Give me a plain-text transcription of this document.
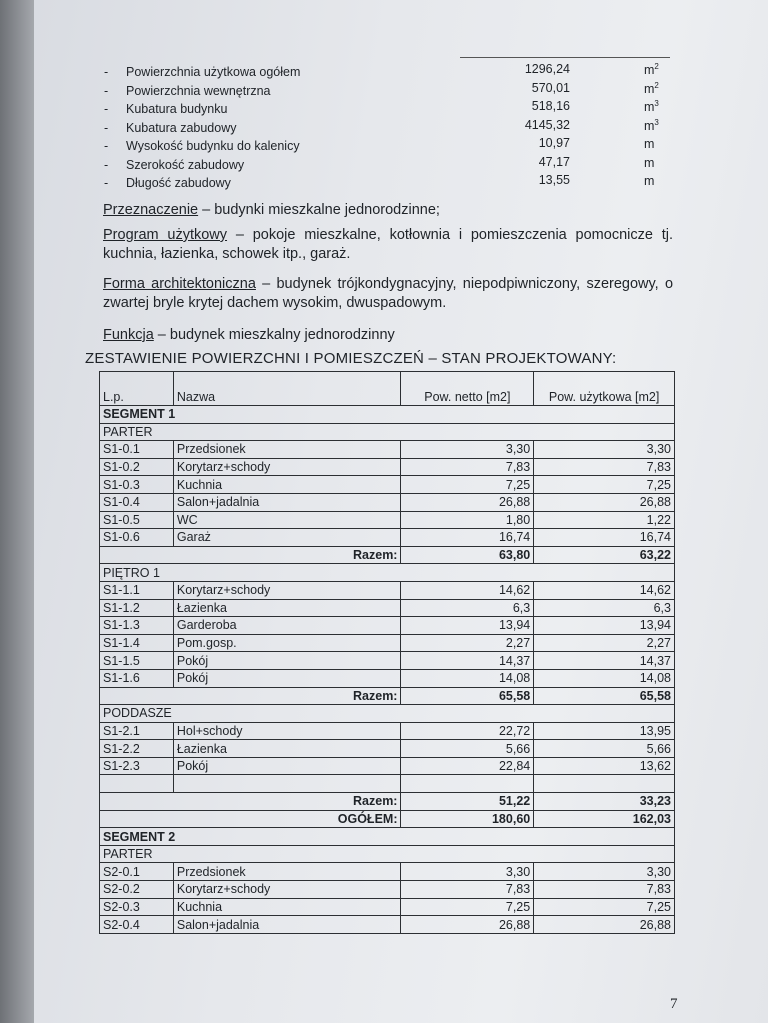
- Powierzchnia użytkowa ogółem	1296,24	$m^2$
- Powierzchnia wewnętrzna	570,01	$m^2$
- Kubatura budynku	518,16	$m^3$
- Kubatura zabudowy	4145,32	$m^3$
- Wysokość budynku do kalenicy	10,97	m
- Szerokość zabudowy	47,17	m
- Długość zabudowy	13,55	m
Przeznaczenie – budynki mieszkalne jednorodzinne;
Program użytkowy – pokoje mieszkalne, kotłownia i pomieszczenia pomocnicze tj. kuchnia, łazienka, schowek itp., garaż.
Forma architektoniczna – budynek trójkondygnacyjny, niepodpiwniczony, szeregowy, o zwartej bryle krytej dachem wysokim, dwuspadowym.
Funkcja – budynek mieszkalny jednorodzinny
ZESTAWIENIE POWIERZCHNI I POMIESZCZEŃ – STAN PROJEKTOWANY:
L.p.	Nazwa	Pow. netto [m2]	Pow. użytkowa [m2]
SEGMENT 1			
PARTER			
S1-0.1	Przedsionek	3,30	3,30
S1-0.2	Korytarz+schody	7,83	7,83
S1-0.3	Kuchnia	7,25	7,25
S1-0.4	Salon+jadalnia	26,88	26,88
S1-0.5	WC	1,80	1,22
S1-0.6	Garaż	16,74	16,74
	Razem:	63,80	63,22
PIĘTRO 1			
S1-1.1	Korytarz+schody	14,62	14,62
S1-1.2	Łazienka	6,3	6,3
S1-1.3	Garderoba	13,94	13,94
S1-1.4	Pom.gosp.	2,27	2,27
S1-1.5	Pokój	14,37	14,37
S1-1.6	Pokój	14,08	14,08
	Razem:	65,58	65,58
PODDASZE			
S1-2.1	Hol+schody	22,72	13,95
S1-2.2	Łazienka	5,66	5,66
S1-2.3	Pokój	22,84	13,62

	Razem:	51,22	33,23
	OGÓŁEM:	180,60	162,03
SEGMENT 2			
PARTER			
S2-0.1	Przedsionek	3,30	3,30
S2-0.2	Korytarz+schody	7,83	7,83
S2-0.3	Kuchnia	7,25	7,25
S2-0.4	Salon+jadalnia	26,88	26,88
7
